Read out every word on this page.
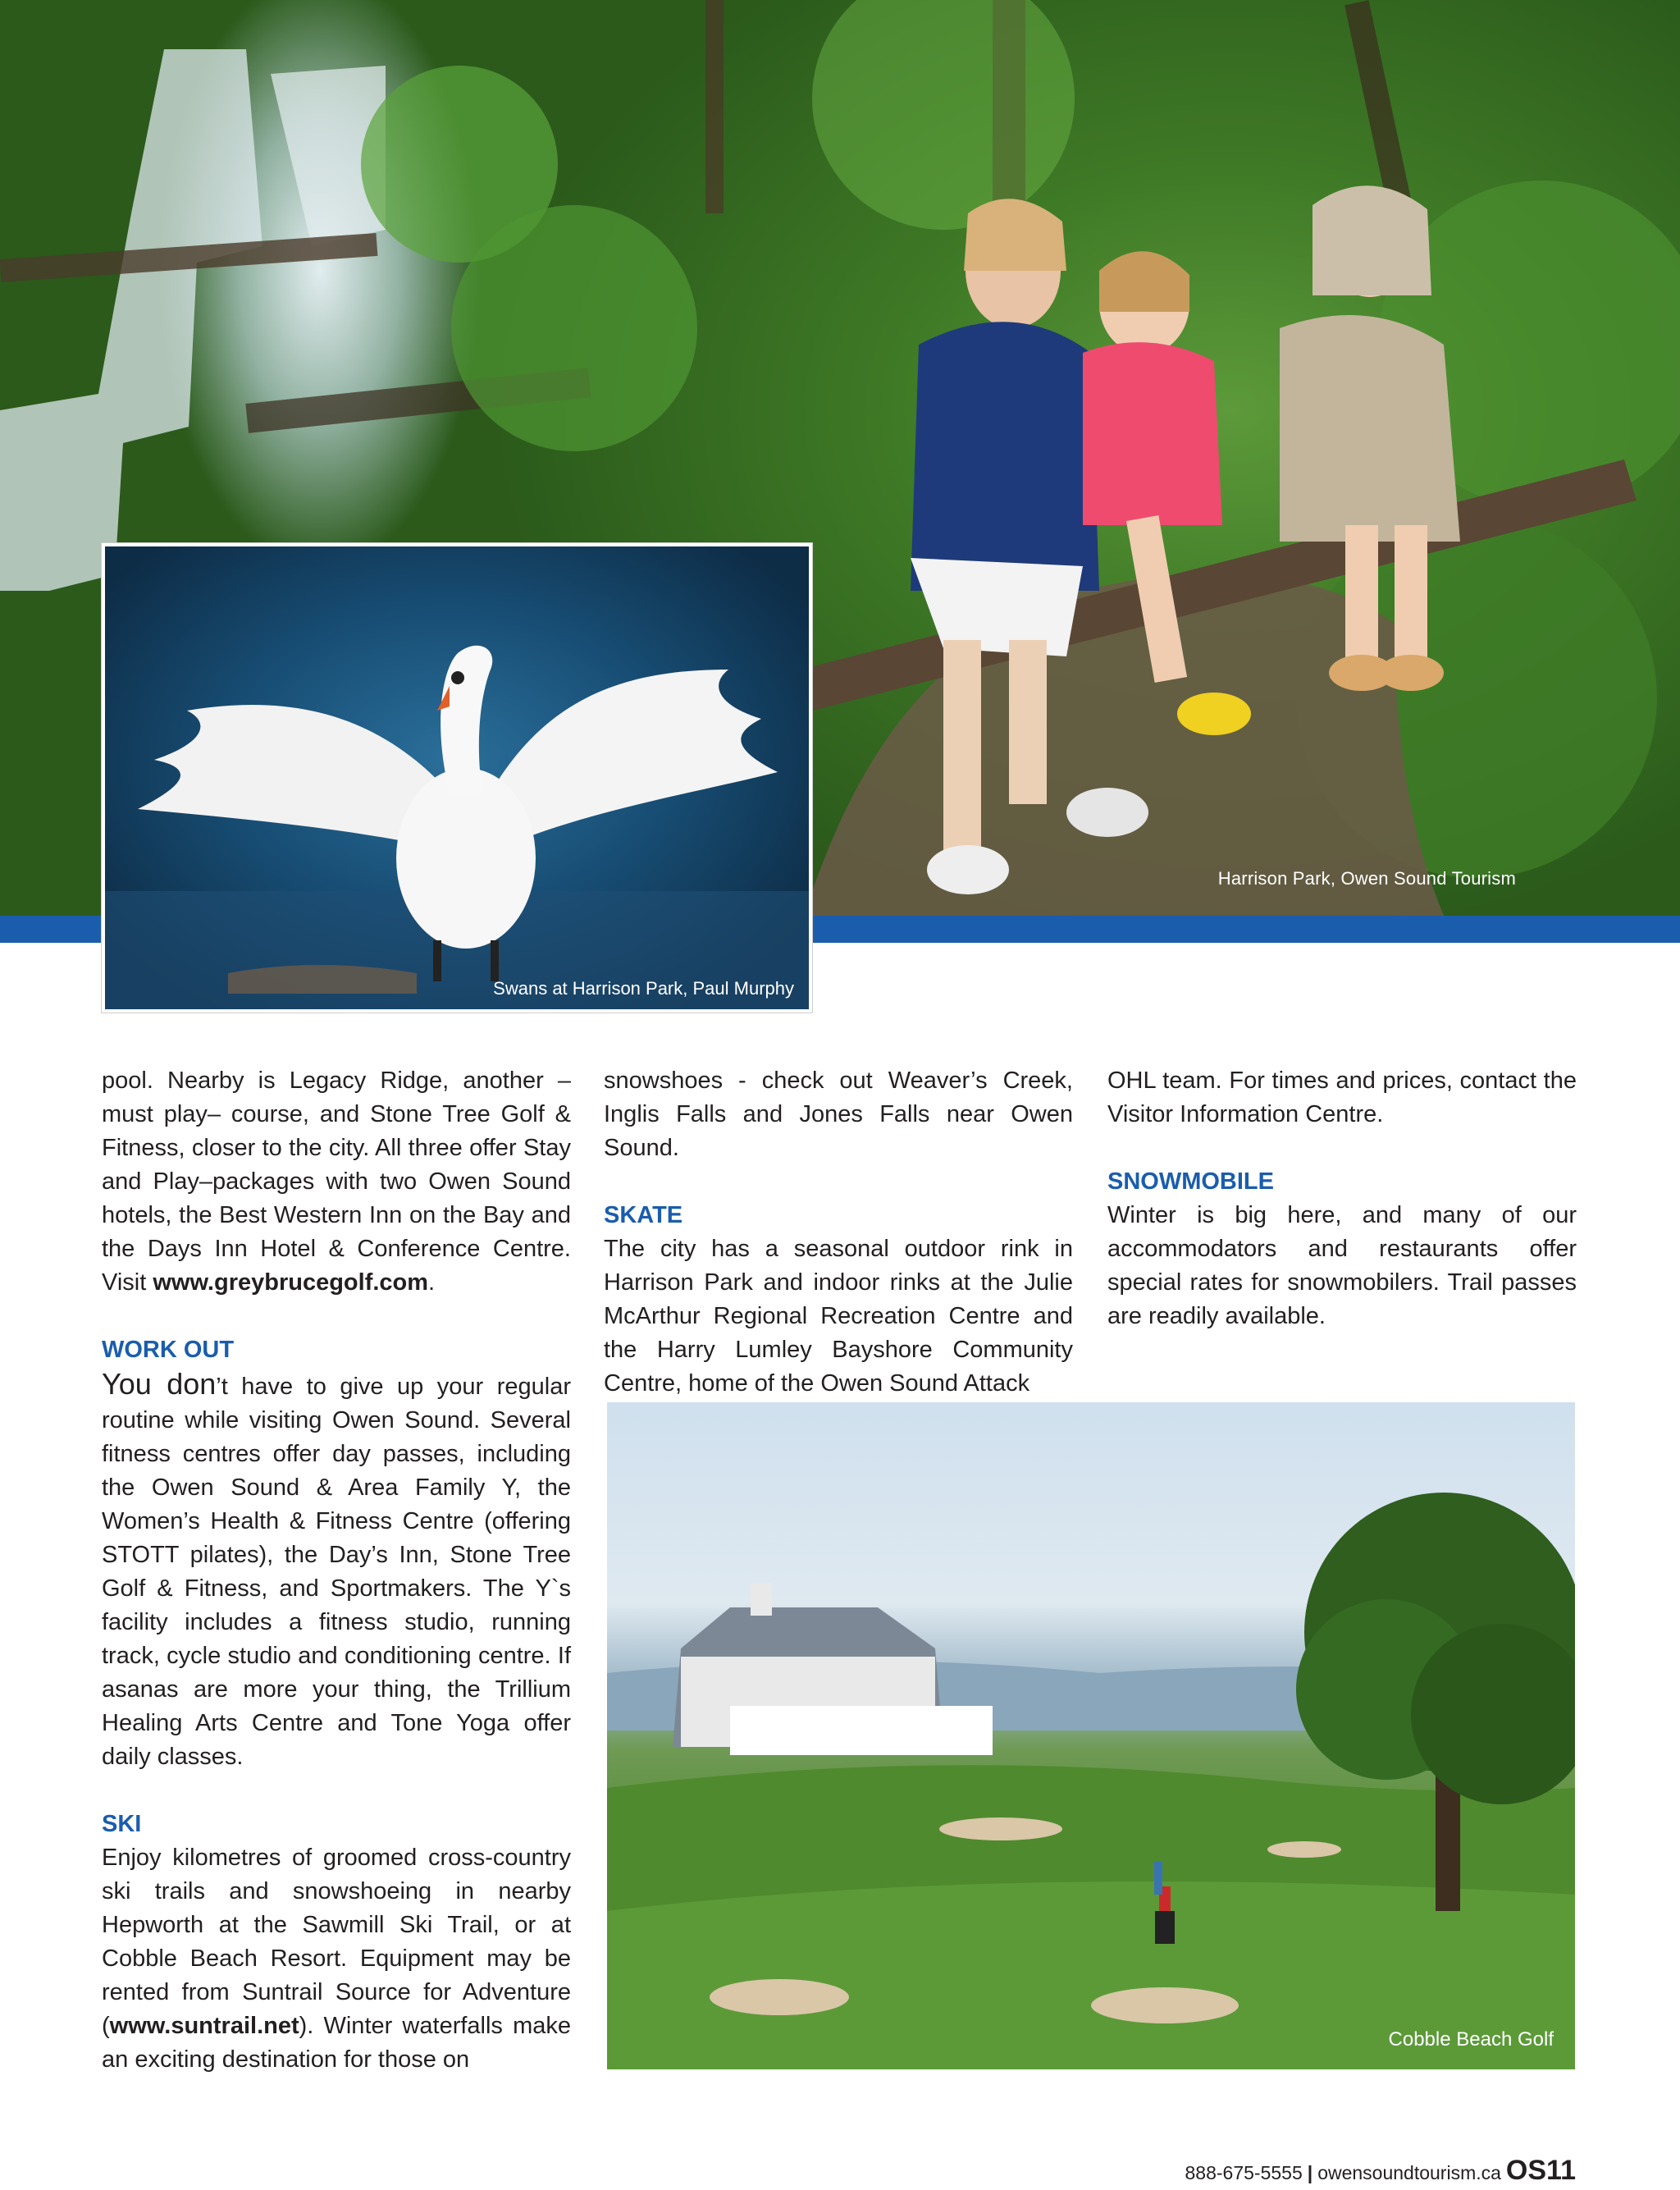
Harrison Park, Owen Sound Tourism
Swans at Harrison Park, Paul Murphy

pool. Nearby is Legacy Ridge, another – must play– course, and Stone Tree Golf & Fitness, closer to the city. All three offer Stay and Play–packages with two Owen Sound hotels, the Best Western Inn on the Bay and the Days Inn Hotel & Conference Centre. Visit www.greybrucegolf.com.

WORK OUT

You don’t have to give up your regular routine while visiting Owen Sound. Several fitness centres offer day passes, including the Owen Sound & Area Family Y, the Women’s Health & Fitness Centre (offering STOTT pilates), the Day’s Inn, Stone Tree Golf & Fitness, and Sportmakers. The Y`s facility includes a fitness studio, running track, cycle studio and conditioning centre. If asanas are more your thing, the Trillium Healing Arts Centre and Tone Yoga offer daily classes.

SKI

Enjoy kilometres of groomed cross-country ski trails and snowshoeing in nearby Hepworth at the Sawmill Ski Trail, or at Cobble Beach Resort. Equipment may be rented from Suntrail Source for Adventure (www.suntrail.net). Winter waterfalls make an exciting destination for those on

snowshoes - check out Weaver’s Creek, Inglis Falls and Jones Falls near Owen Sound.

SKATE

The city has a seasonal outdoor rink in Harrison Park and indoor rinks at the Julie McArthur Regional Recreation Centre and the Harry Lumley Bayshore Community Centre, home of the Owen Sound Attack

OHL team. For times and prices, contact the Visitor Information Centre.

SNOWMOBILE

Winter is big here, and many of our accommodators and restaurants offer special rates for snowmobilers. Trail passes are readily available.

Cobble Beach Golf
888-675-5555 | owensoundtourism.ca OS11
